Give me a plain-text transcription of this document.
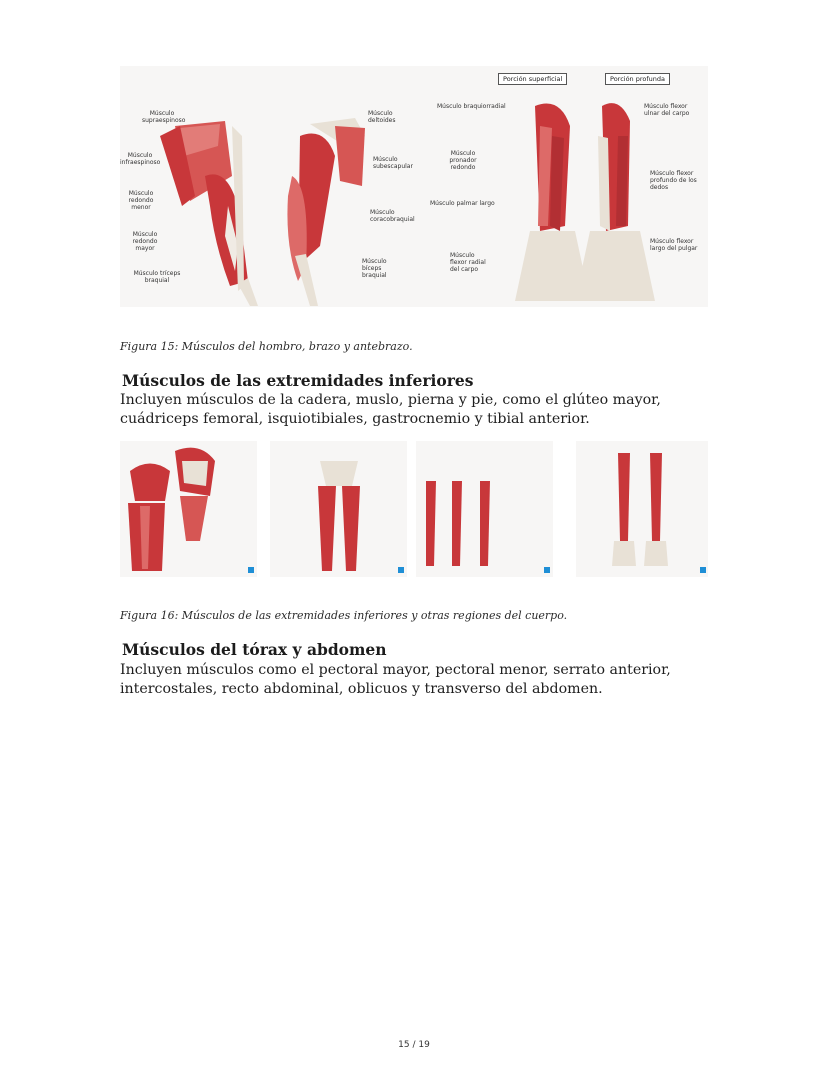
Porción superficial	Porción profunda
Músculo supraespinoso
Músculo infraespinoso
Músculo redondo menor
Músculo redondo mayor
Músculo tríceps braquial
Músculo deltoides
Músculo subescapular
Músculo coracobraquial
Músculo bíceps braquial
Músculo braquiorradial
Músculo pronador redondo
Músculo palmar largo
Músculo flexor radial del carpo
Músculo flexor ulnar del carpo
Músculo flexor profundo de los dedos
Músculo flexor largo del pulgar
Figura 15: Músculos del hombro, brazo y antebrazo.
Músculos de las extremidades inferiores
Incluyen músculos de la cadera, muslo, pierna y pie, como el glúteo mayor, cuádriceps femoral, isquiotibiales, gastrocnemio y tibial anterior.
Figura 16: Músculos de las extremidades inferiores y otras regiones del cuerpo.
Músculos del tórax y abdomen
Incluyen músculos como el pectoral mayor, pectoral menor, serrato anterior, intercostales, recto abdominal, oblicuos y transverso del abdomen.
15 / 19
